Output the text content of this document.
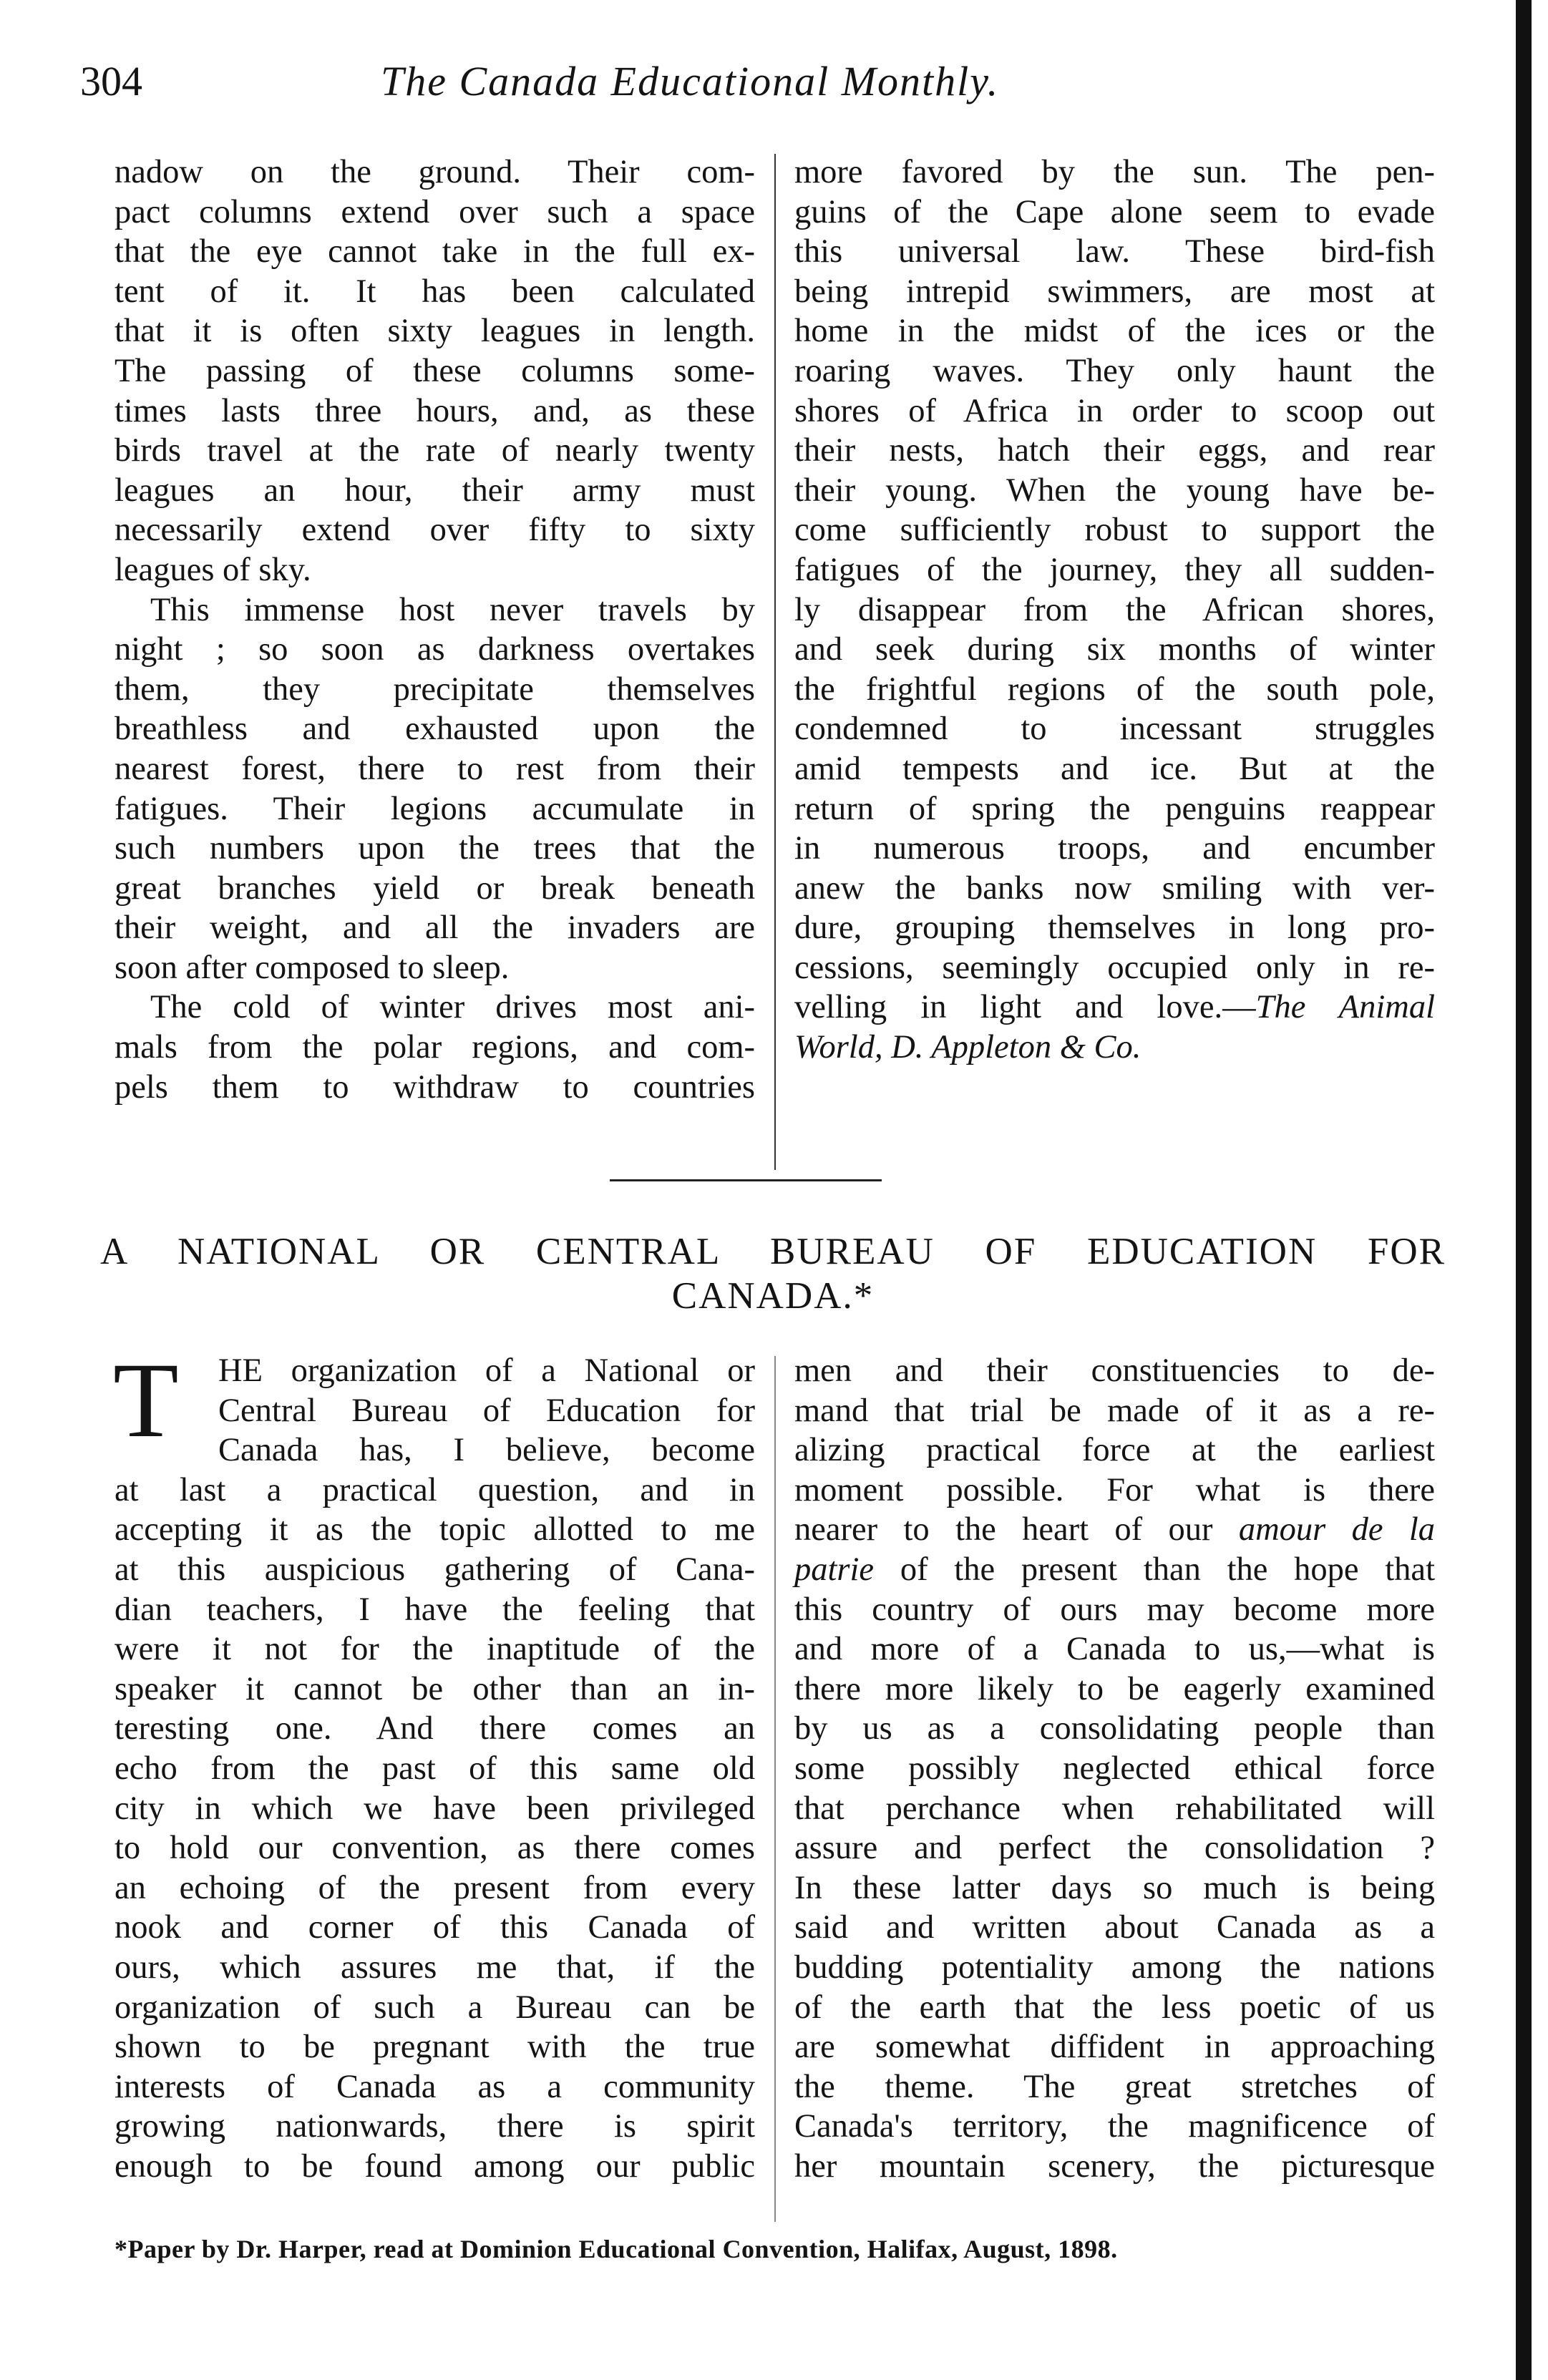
304	The Canada Educational Monthly.
nadow on the ground. Their com-
pact columns extend over such a space
that the eye cannot take in the full ex-
tent of it. It has been calculated
that it is often sixty leagues in length.
The passing of these columns some-
times lasts three hours, and, as these
birds travel at the rate of nearly twenty
leagues an hour, their army must
necessarily extend over fifty to sixty
leagues of sky.
This immense host never travels by
night ; so soon as darkness overtakes
them, they precipitate themselves
breathless and exhausted upon the
nearest forest, there to rest from their
fatigues. Their legions accumulate in
such numbers upon the trees that the
great branches yield or break beneath
their weight, and all the invaders are
soon after composed to sleep.
The cold of winter drives most ani-
mals from the polar regions, and com-
pels them to withdraw to countries
more favored by the sun. The pen-
guins of the Cape alone seem to evade
this universal law. These bird-fish
being intrepid swimmers, are most at
home in the midst of the ices or the
roaring waves. They only haunt the
shores of Africa in order to scoop out
their nests, hatch their eggs, and rear
their young. When the young have be-
come sufficiently robust to support the
fatigues of the journey, they all sudden-
ly disappear from the African shores,
and seek during six months of winter
the frightful regions of the south pole,
condemned to incessant struggles
amid tempests and ice. But at the
return of spring the penguins reappear
in numerous troops, and encumber
anew the banks now smiling with ver-
dure, grouping themselves in long pro-
cessions, seemingly occupied only in re-
velling in light and love.—The Animal
World, D. Appleton & Co.
A NATIONAL OR CENTRAL BUREAU OF EDUCATION FOR
CANADA.*
T	HE organization of a National or
Central Bureau of Education for
Canada has, I believe, become
at last a practical question, and in
accepting it as the topic allotted to me
at this auspicious gathering of Cana-
dian teachers, I have the feeling that
were it not for the inaptitude of the
speaker it cannot be other than an in-
teresting one. And there comes an
echo from the past of this same old
city in which we have been privileged
to hold our convention, as there comes
an echoing of the present from every
nook and corner of this Canada of
ours, which assures me that, if the
organization of such a Bureau can be
shown to be pregnant with the true
interests of Canada as a community
growing nationwards, there is spirit
enough to be found among our public
men and their constituencies to de-
mand that trial be made of it as a re-
alizing practical force at the earliest
moment possible. For what is there
nearer to the heart of our amour de la
patrie of the present than the hope that
this country of ours may become more
and more of a Canada to us,—what is
there more likely to be eagerly examined
by us as a consolidating people than
some possibly neglected ethical force
that perchance when rehabilitated will
assure and perfect the consolidation ?
In these latter days so much is being
said and written about Canada as a
budding potentiality among the nations
of the earth that the less poetic of us
are somewhat diffident in approaching
the theme. The great stretches of
Canada's territory, the magnificence of
her mountain scenery, the picturesque
*Paper by Dr. Harper, read at Dominion Educational Convention, Halifax, August, 1898.
